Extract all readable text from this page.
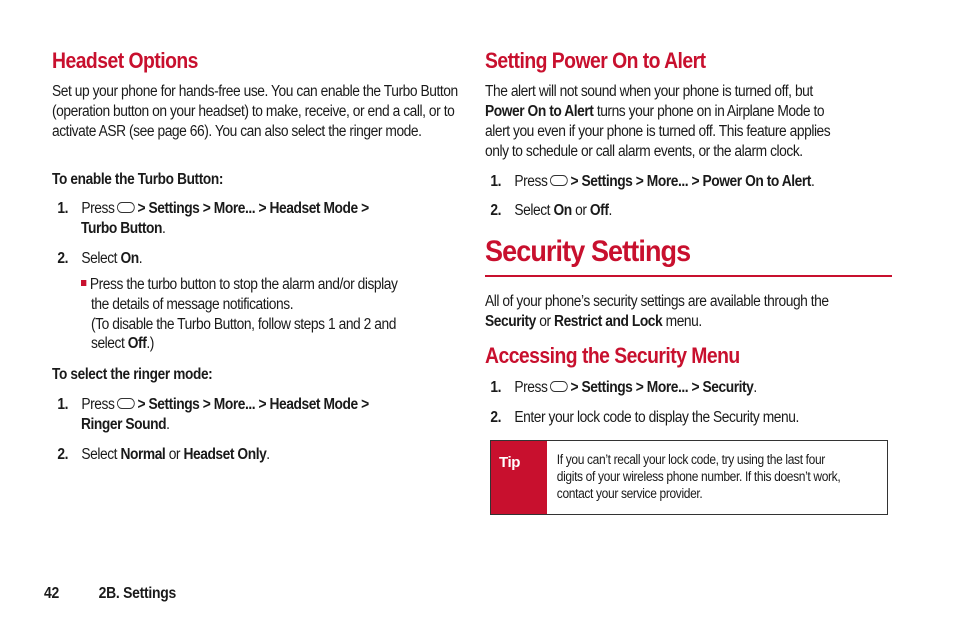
Headset Options

Set up your phone for hands-free use. You can enable the Turbo Button (operation button on your headset) to make, receive, or end a call, or to activate ASR (see page 66). You can also select the ringer mode.

To enable the Turbo Button:
1. Press > Settings > More... > Headset Mode >
Turbo Button.
2. Select On.
Press the turbo button to stop the alarm and/or display
the details of message notifications.
(To disable the Turbo Button, follow steps 1 and 2 and
select Off.)
To select the ringer mode:
1. Press > Settings > More... > Headset Mode >
Ringer Sound.
2. Select Normal or Headset Only.
Setting Power On to Alert
The alert will not sound when your phone is turned off, but
Power On to Alert turns your phone on in Airplane Mode to
alert you even if your phone is turned off. This feature applies
only to schedule or call alarm events, or the alarm clock.
1. Press > Settings > More... > Power On to Alert.
2. Select On or Off.
Security Settings
All of your phone’s security settings are available through the
Security or Restrict and Lock menu.
Accessing the Security Menu
1. Press > Settings > More... > Security.
2. Enter your lock code to display the Security menu.
Tip	If you can’t recall your lock code, try using the last four digits of your wireless phone number. If this doesn’t work, contact your service provider.
42	2B. Settings
